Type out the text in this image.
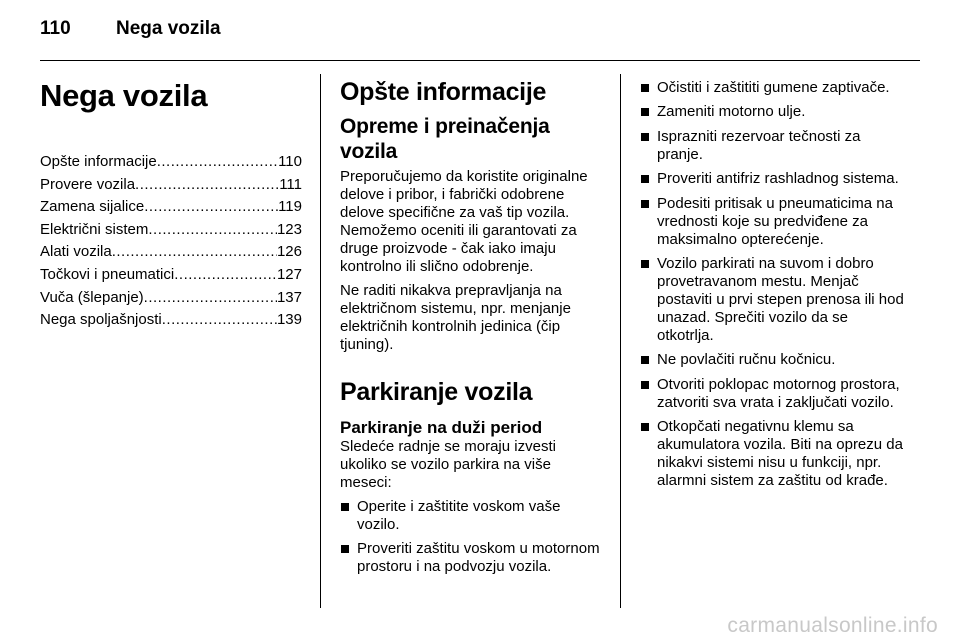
110 Nega vozila
Nega vozila
Opšte informacije .....	110
Provere vozila .....	111
Zamena sijalice .....	119
Električni sistem .....	123
Alati vozila .....	126
Točkovi i pneumatici .....	127
Vuča (šlepanje) .....	137
Nega spoljašnjosti .....	139
Opšte informacije
Opreme i preinačenja vozila

Preporučujemo da koristite originalne delove i pribor, i fabrički odobrene delove specifične za vaš tip vozila. Nemožemo oceniti ili garantovati za druge proizvode - čak iako imaju kontrolno ili slično odobrenje.

Ne raditi nikakva prepravljanja na električnom sistemu, npr. menjanje električnih kontrolnih jedinica (čip tjuning).

Parkiranje vozila
Parkiranje na duži period

Sledeće radnje se moraju izvesti ukoliko se vozilo parkira na više meseci:

Operite i zaštitite voskom vaše vozilo.
Proveriti zaštitu voskom u motornom prostoru i na podvozju vozila.
Očistiti i zaštititi gumene zaptivače.
Zameniti motorno ulje.
Isprazniti rezervoar tečnosti za pranje.
Proveriti antifriz rashladnog sistema.
Podesiti pritisak u pneumaticima na vrednosti koje su predviđene za maksimalno opterećenje.
Vozilo parkirati na suvom i dobro provetravanom mestu. Menjač postaviti u prvi stepen prenosa ili hod unazad. Sprečiti vozilo da se otkotrlja.
Ne povlačiti ručnu kočnicu.
Otvoriti poklopac motornog prostora, zatvoriti sva vrata i zaključati vozilo.
Otkopčati negativnu klemu sa akumulatora vozila. Biti na oprezu da nikakvi sistemi nisu u funkciji, npr. alarmni sistem za zaštitu od krađe.
carmanualsonline.info
